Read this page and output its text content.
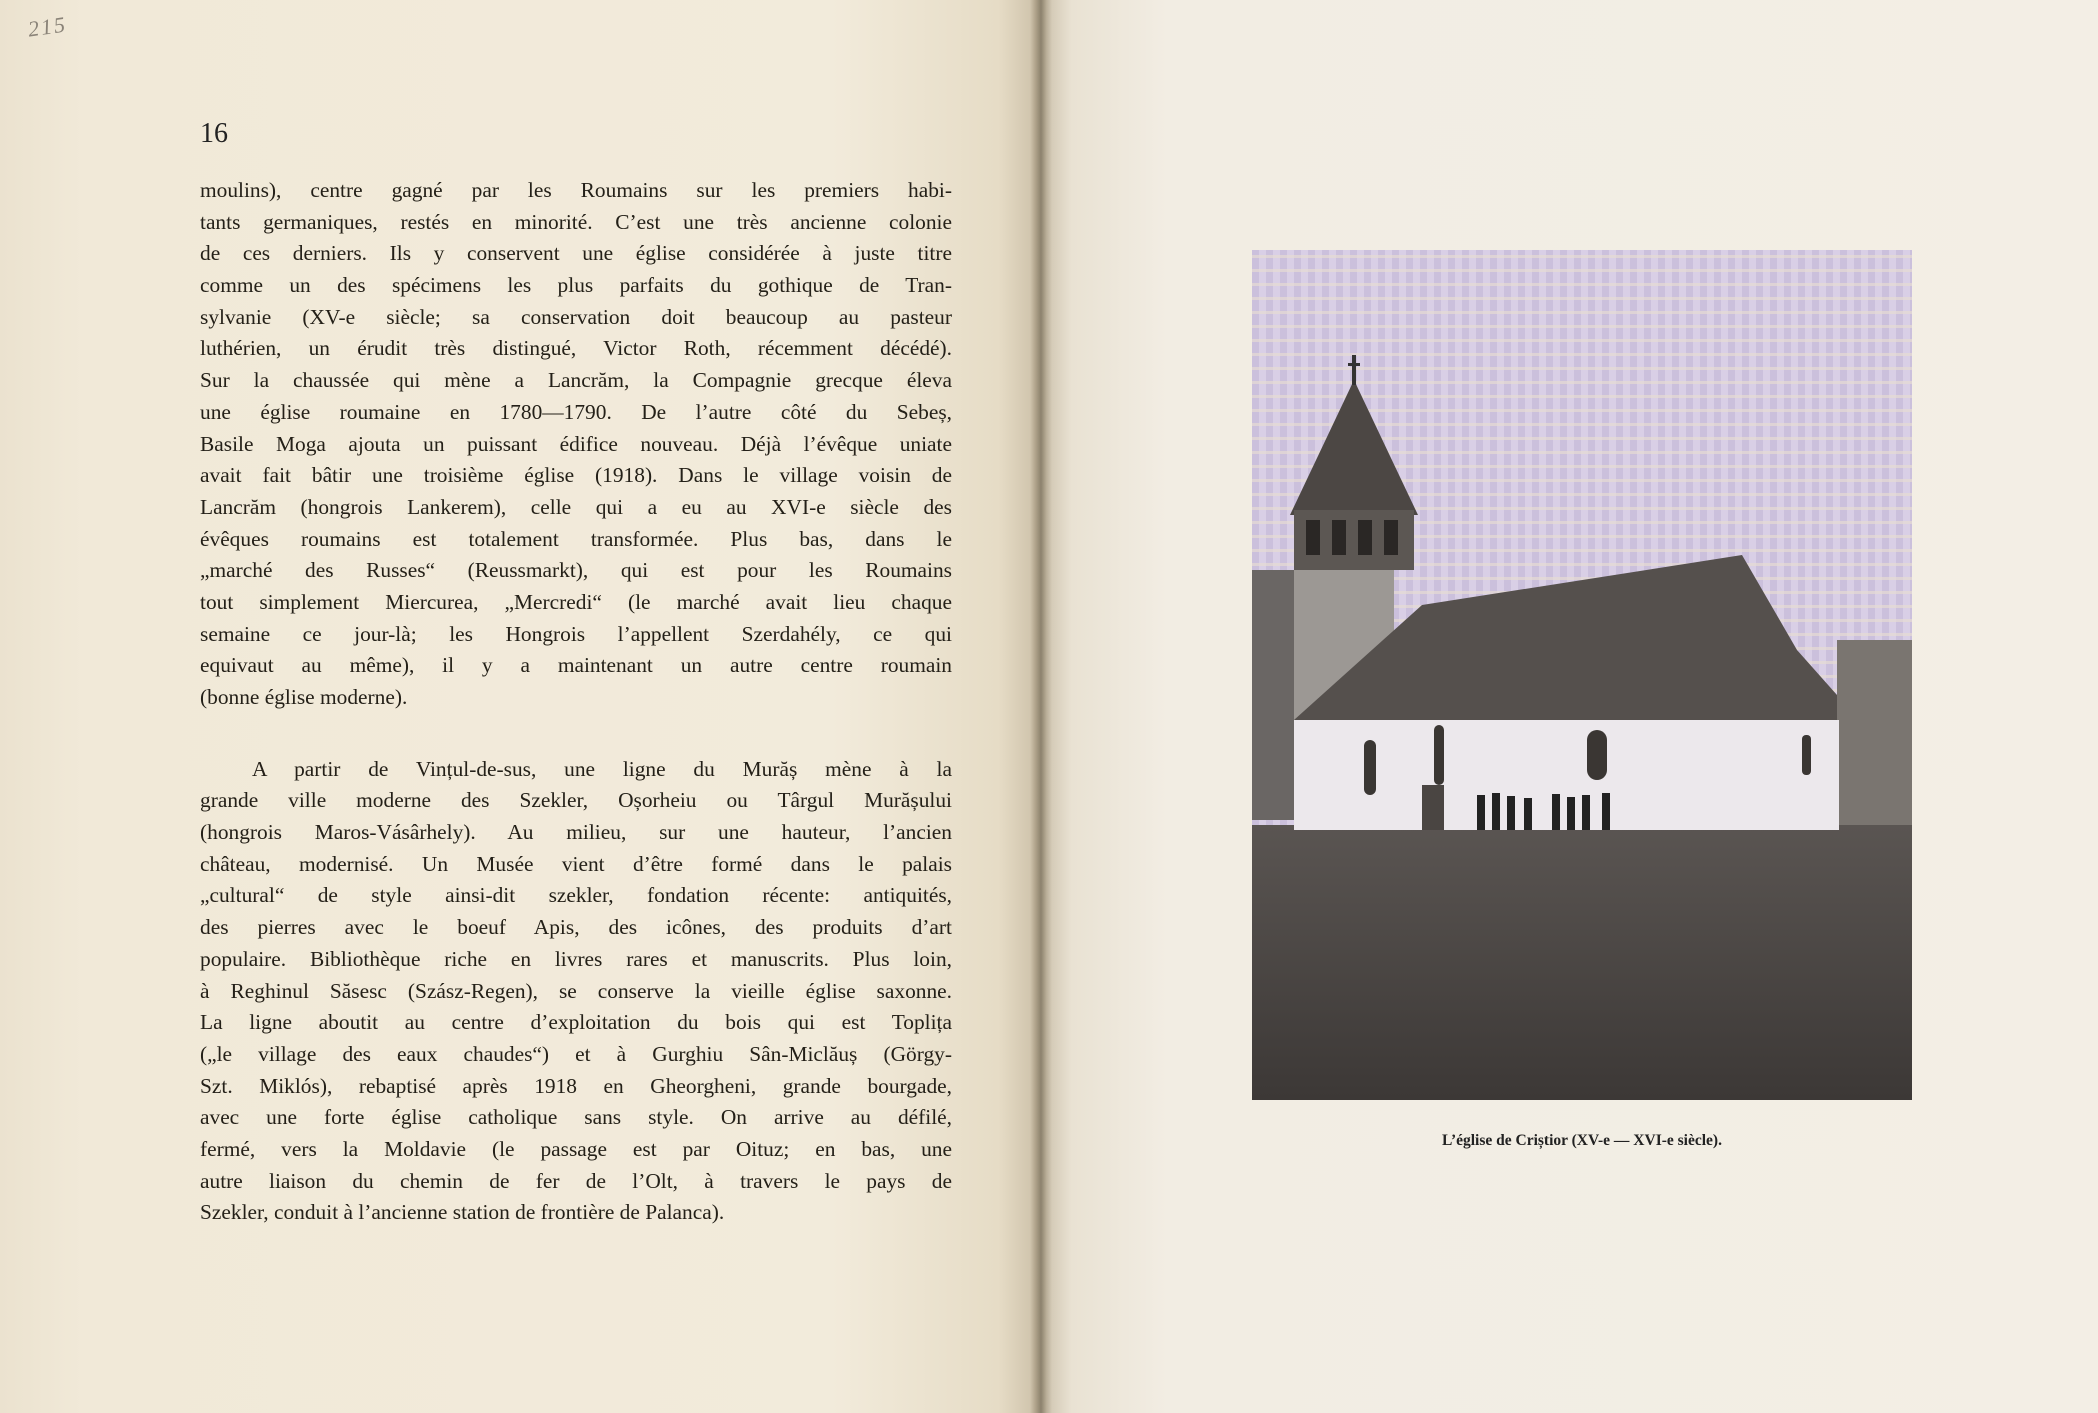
215
16
moulins), centre gagné par les Roumains sur les premiers habi-
tants germaniques, restés en minorité. C’est une très ancienne colonie
de ces derniers. Ils y conservent une église considérée à juste titre
comme un des spécimens les plus parfaits du gothique de Tran-
sylvanie (XV-e siècle; sa conservation doit beaucoup au pasteur
luthérien, un érudit très distingué, Victor Roth, récemment décédé).
Sur la chaussée qui mène a Lancrăm, la Compagnie grecque éleva
une église roumaine en 1780—1790. De l’autre côté du Sebeș,
Basile Moga ajouta un puissant édifice nouveau. Déjà l’évêque uniate
avait fait bâtir une troisième église (1918). Dans le village voisin de
Lancrăm (hongrois Lankerem), celle qui a eu au XVI-e siècle des
évêques roumains est totalement transformée. Plus bas, dans le
„marché des Russes“ (Reussmarkt), qui est pour les Roumains
tout simplement Miercurea, „Mercredi“ (le marché avait lieu chaque
semaine ce jour-là; les Hongrois l’appellent Szerdahély, ce qui
equivaut au même), il y a maintenant un autre centre roumain
(bonne église moderne).
A partir de Vințul-de-sus, une ligne du Murăș mène à la
grande ville moderne des Szekler, Oșorheiu ou Târgul Murășului
(hongrois Maros-Vásârhely). Au milieu, sur une hauteur, l’ancien
château, modernisé. Un Musée vient d’être formé dans le palais
„cultural“ de style ainsi-dit szekler, fondation récente: antiquités,
des pierres avec le boeuf Apis, des icônes, des produits d’art
populaire. Bibliothèque riche en livres rares et manuscrits. Plus loin,
à Reghinul Săsesc (Szász-Regen), se conserve la vieille église saxonne.
La ligne aboutit au centre d’exploitation du bois qui est Toplița
(„le village des eaux chaudes“) et à Gurghiu Sân-Miclăuș (Görgy-
Szt. Miklós), rebaptisé après 1918 en Gheorgheni, grande bourgade,
avec une forte église catholique sans style. On arrive au défilé,
fermé, vers la Moldavie (le passage est par Oituz; en bas, une
autre liaison du chemin de fer de l’Olt, à travers le pays de
Szekler, conduit à l’ancienne station de frontière de Palanca).
L’église de Criștior (XV-e — XVI-e siècle).
